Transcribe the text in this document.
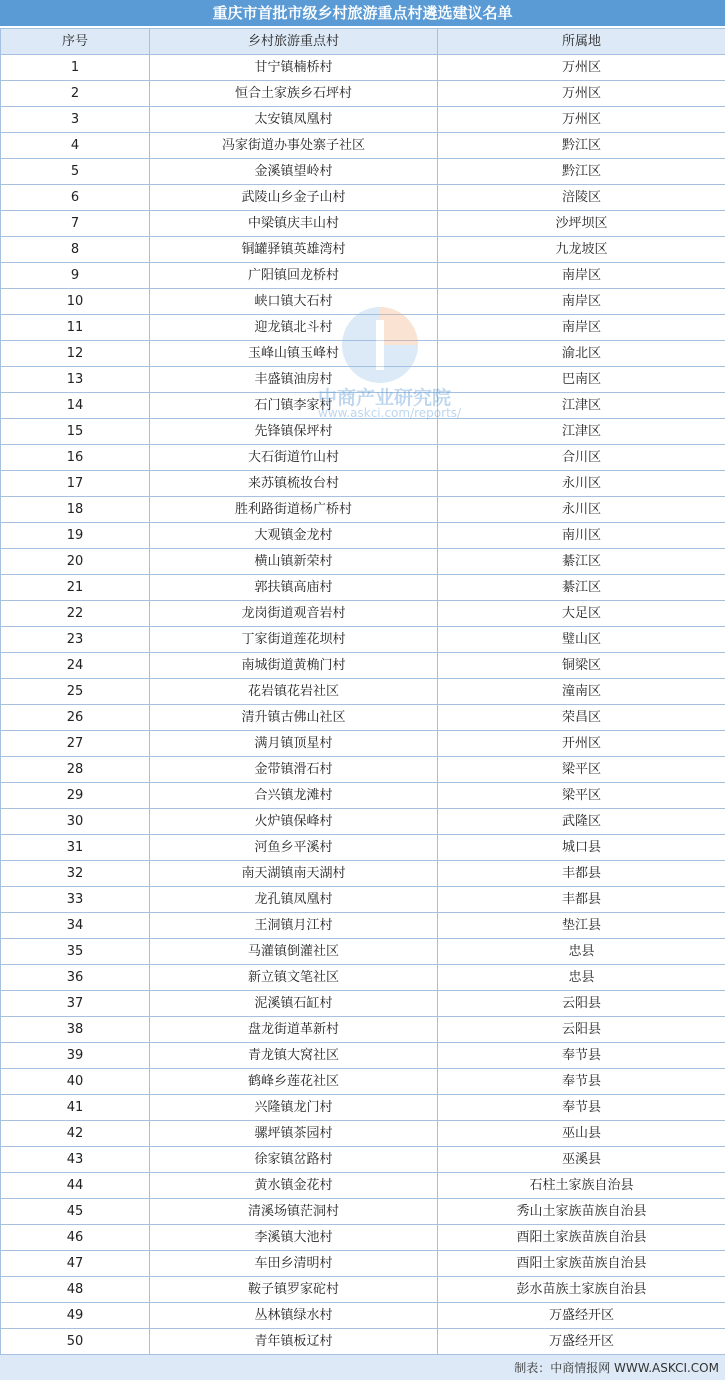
重庆市首批市级乡村旅游重点村遴选建议名单
序号	乡村旅游重点村	所属地
1	甘宁镇楠桥村	万州区
2	恒合土家族乡石坪村	万州区
3	太安镇凤凰村	万州区
4	冯家街道办事处寨子社区	黔江区
5	金溪镇望岭村	黔江区
6	武陵山乡金子山村	涪陵区
7	中梁镇庆丰山村	沙坪坝区
8	铜罐驿镇英雄湾村	九龙坡区
9	广阳镇回龙桥村	南岸区
10	峡口镇大石村	南岸区
11	迎龙镇北斗村	南岸区
12	玉峰山镇玉峰村	渝北区
13	丰盛镇油房村	巴南区
14	石门镇李家村	江津区
15	先锋镇保坪村	江津区
16	大石街道竹山村	合川区
17	来苏镇梳妆台村	永川区
18	胜利路街道杨广桥村	永川区
19	大观镇金龙村	南川区
20	横山镇新荣村	綦江区
21	郭扶镇高庙村	綦江区
22	龙岗街道观音岩村	大足区
23	丁家街道莲花坝村	璧山区
24	南城街道黄桷门村	铜梁区
25	花岩镇花岩社区	潼南区
26	清升镇古佛山社区	荣昌区
27	满月镇顶星村	开州区
28	金带镇滑石村	梁平区
29	合兴镇龙滩村	梁平区
30	火炉镇保峰村	武隆区
31	河鱼乡平溪村	城口县
32	南天湖镇南天湖村	丰都县
33	龙孔镇凤凰村	丰都县
34	王洞镇月江村	垫江县
35	马灌镇倒灌社区	忠县
36	新立镇文笔社区	忠县
37	泥溪镇石缸村	云阳县
38	盘龙街道革新村	云阳县
39	青龙镇大窝社区	奉节县
40	鹤峰乡莲花社区	奉节县
41	兴隆镇龙门村	奉节县
42	骡坪镇茶园村	巫山县
43	徐家镇岔路村	巫溪县
44	黄水镇金花村	石柱土家族自治县
45	清溪场镇茫洞村	秀山土家族苗族自治县
46	李溪镇大池村	酉阳土家族苗族自治县
47	车田乡清明村	酉阳土家族苗族自治县
48	鞍子镇罗家砣村	彭水苗族土家族自治县
49	丛林镇绿水村	万盛经开区
50	青年镇板辽村	万盛经开区
中商产业研究院
www.askci.com/reports/
制表：中商情报网 WWW.ASKCI.COM
